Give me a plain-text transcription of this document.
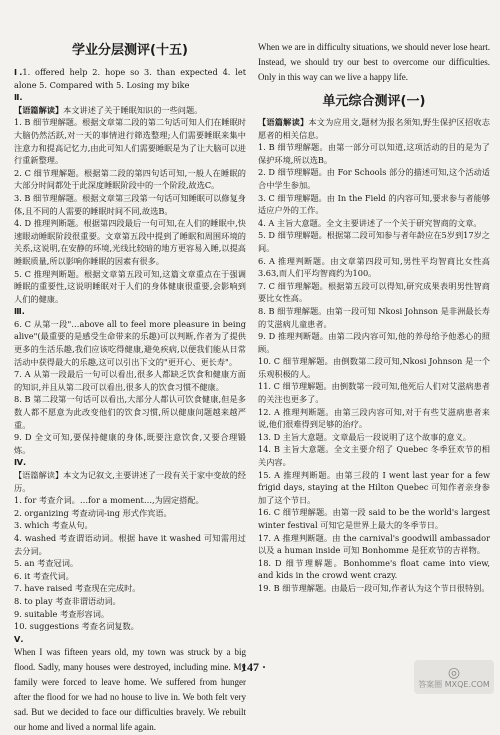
学业分层测评(十五)

Ⅰ.1. offered help 2. hope so 3. than expected 4. let alone 5. Compared with 5. Losing my bike

Ⅱ.

【语篇解读】本文讲述了关于睡眠知识的一些问题。

1. B 细节理解题。根据文章第二段的第二句话可知人们在睡眠时大脑仍然活跃,对一天的事情进行筛选整理;人们需要睡眠来集中注意力和提高记忆力,由此可知人们需要睡眠是为了让大脑可以进行重新整理。

2. C 细节理解题。根据第二段的第四句话可知,一般人在睡眠的大部分时间都处于此深度睡眠阶段中的一个阶段,故选C。

3. B 细节理解题。根据文章第三段第一句话可知睡眠可以修复身体,且不同的人需要的睡眠时间不同,故选B。

4. D 推理判断题。根据第四段最后一句可知,在人们的睡眠中,快速眼动睡眠阶段很重要。文章第五段中提到了睡眠和周围环境的关系,这说明,在安静的环境,光线比较暗的地方更容易入睡,以提高睡眠质量,所以影响你睡眠的因素有很多。

5. C 推理判断题。根据文章第五段可知,这篇文章重点在于强调睡眠的重要性,这说明睡眠对于人们的身体健康很重要,会影响到人们的健康。

Ⅲ.

6. C 从第一段"…above all to feel more pleasure in being alive"(最重要的是感受生命带来的乐趣)可以判断,作者为了提供更多的生活乐趣,我们应该吃得健康,避免疾病,以便我们能从日常活动中获得最大的乐趣,这可以引出下文的"更开心、更长寿"。

7. A 从第一段最后一句可以看出,很多人都缺乏饮食和健康方面的知识,并且从第二段可以看出,很多人的饮食习惯不健康。

8. B 第二段第一句话可以看出,大部分人都认可饮食健康,但是多数人都不愿意为此改变他们的饮食习惯,所以健康问题越来越严重。

9. D 全文可知,要保持健康的身体,既要注意饮食,又要合理锻炼。

Ⅳ.

【语篇解读】本文为记叙文,主要讲述了一段有关于家中变故的经历。

1. for 考查介词。…for a moment…,为固定搭配。

2. organizing 考查动词-ing 形式作宾语。

3. which 考查从句。

4. washed 考查谓语动词。根据 have it washed 可知需用过去分词。

5. an 考查冠词。

6. it 考查代词。

7. have raised 考查现在完成时。

8. to play 考查非谓语动词。

9. suitable 考查形容词。

10. suggestions 考查名词复数。

Ⅴ.

When I was fifteen years old, my town was struck by a big flood. Sadly, many houses were destroyed, including mine. My family were forced to leave home. We suffered from hunger after the flood for we had no house to live in. We both felt very sad. But we decided to face our difficulties bravely. We rebuilt our home and lived a normal life again.

When we are in difficulty situations, we should never lose heart. Instead, we should try our best to overcome our difficulties. Only in this way can we live a happy life.

单元综合测评(一)

【语篇解读】本文为应用文,题材为报名须知,野生保护区招收志愿者的相关信息。

1. B 细节理解题。由第一部分可以知道,这项活动的目的是为了保护环境,所以选B。

2. D 细节理解题。由 For Schools 部分的描述可知,这个活动适合中学生参加。

3. C 细节理解题。由 In the Field 的内容可知,要求参与者能够适应户外的工作。

4. A 主旨大意题。全文主要讲述了一个关于研究智商的文章。

5. D 细节理解题。根据第二段可知参与者年龄应在5岁到17岁之间。

6. A 推理判断题。由文章第四段可知,男性平均智商比女性高3.63,而人们平均智商约为100。

7. C 细节理解题。根据第五段可以得知,研究成果表明男性智商要比女性高。

8. B 细节理解题。由第一段可知 Nkosi Johnson 是非洲最长寿的艾滋病儿童患者。

9. D 推理判断题。由第二段内容可知,他的养母给予他悉心的照顾。

10. C 细节理解题。由倒数第二段可知,Nkosi Johnson 是一个乐观积极的人。

11. C 细节理解题。由倒数第一段可知,他死后人们对艾滋病患者的关注也更多了。

12. A 推理判断题。由第三段内容可知,对于有些艾滋病患者来说,他们很难得到足够的治疗。

13. D 主旨大意题。文章最后一段说明了这个故事的意义。

14. B 主旨大意题。全文主要介绍了 Quebec 冬季狂欢节的相关内容。

15. A 推理判断题。由第三段的 I went last year for a few frigid days, staying at the Hilton Quebec 可知作者亲身参加了这个节日。

16. C 细节理解题。由第一段 said to be the world's largest winter festival 可知它是世界上最大的冬季节日。

17. A 推理判断题。由 the carnival's goodwill ambassador 以及 a human inside 可知 Bonhomme 是狂欢节的吉祥物。

18. D 细节理解题。Bonhomme's float came into view, and kids in the crowd went crazy.

19. B 细节理解题。由最后一段可知,作者认为这个节日很特别。

· 147 ·	◎
答案圈 MXQE.COM
